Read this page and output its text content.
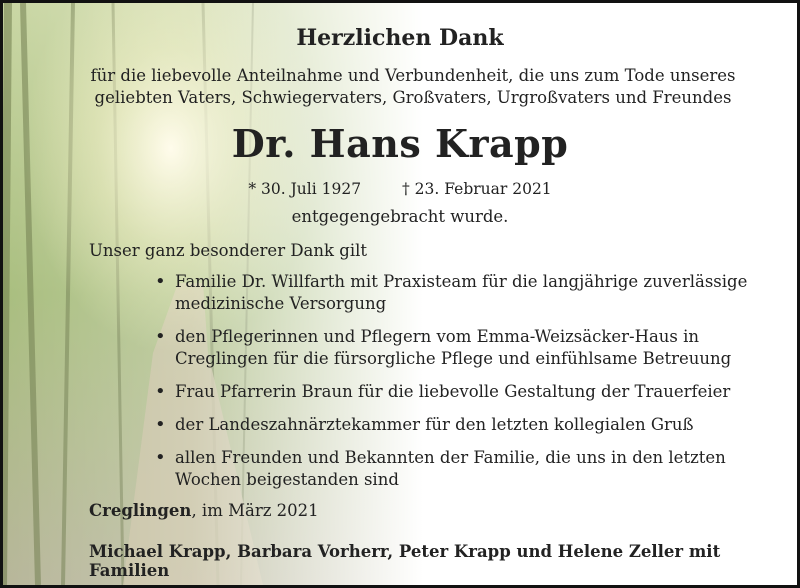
Herzlichen Dank
für die liebevolle Anteilnahme und Verbundenheit, die uns zum Tode unseres
geliebten Vaters, Schwiegervaters, Großvaters, Urgroßvaters und Freundes
Dr. Hans Krapp
* 30. Juli 1927	† 23. Februar 2021
entgegengebracht wurde.
Unser ganz besonderer Dank gilt
• Familie Dr. Willfarth mit Praxisteam für die langjährige zuverlässige
medizinische Versorgung
• den Pflegerinnen und Pflegern vom Emma-Weizsäcker-Haus in
Creglingen für die fürsorgliche Pflege und einfühlsame Betreuung
• Frau Pfarrerin Braun für die liebevolle Gestaltung der Trauerfeier
• der Landeszahnärztekammer für den letzten kollegialen Gruß
• allen Freunden und Bekannten der Familie, die uns in den letzten
Wochen beigestanden sind
Creglingen, im März 2021
Michael Krapp, Barbara Vorherr, Peter Krapp und Helene Zeller mit Familien
